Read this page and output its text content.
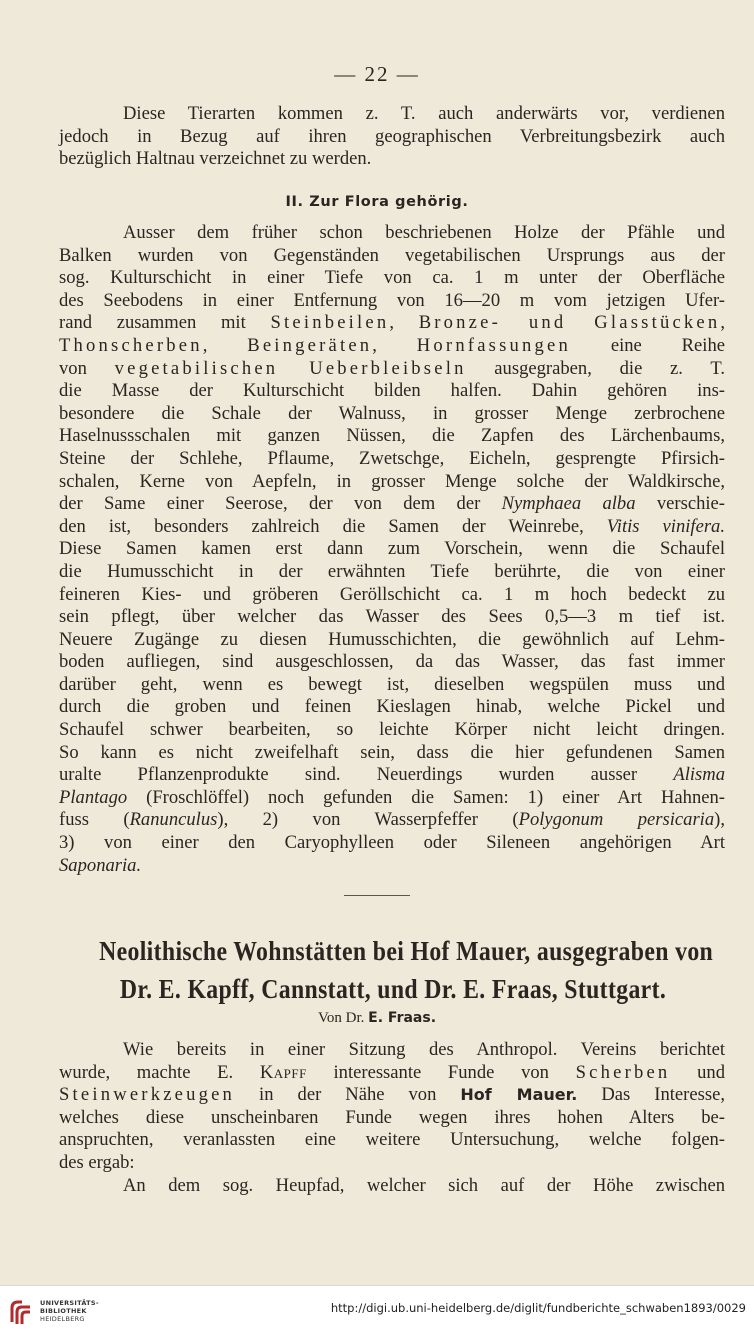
— 22 —
Diese Tierarten kommen z. T. auch anderwärts vor, verdienen
jedoch in Bezug auf ihren geographischen Verbreitungsbezirk auch
bezüglich Haltnau verzeichnet zu werden.
II. Zur Flora gehörig.
Ausser dem früher schon beschriebenen Holze der Pfähle und
Balken wurden von Gegenständen vegetabilischen Ursprungs aus der
sog. Kulturschicht in einer Tiefe von ca. 1 m unter der Oberfläche
des Seebodens in einer Entfernung von 16—20 m vom jetzigen Ufer-
rand zusammen mit Steinbeilen, Bronze- und Glasstücken,
Thonscherben, Beingeräten, Hornfassungen eine Reihe
von vegetabilischen Ueberbleibseln ausgegraben, die z. T.
die Masse der Kulturschicht bilden halfen. Dahin gehören ins-
besondere die Schale der Walnuss, in grosser Menge zerbrochene
Haselnussschalen mit ganzen Nüssen, die Zapfen des Lärchenbaums,
Steine der Schlehe, Pflaume, Zwetschge, Eicheln, gesprengte Pfirsich-
schalen, Kerne von Aepfeln, in grosser Menge solche der Waldkirsche,
der Same einer Seerose, der von dem der Nymphaea alba verschie-
den ist, besonders zahlreich die Samen der Weinrebe, Vitis vinifera.
Diese Samen kamen erst dann zum Vorschein, wenn die Schaufel
die Humusschicht in der erwähnten Tiefe berührte, die von einer
feineren Kies- und gröberen Geröllschicht ca. 1 m hoch bedeckt zu
sein pflegt, über welcher das Wasser des Sees 0,5—3 m tief ist.
Neuere Zugänge zu diesen Humusschichten, die gewöhnlich auf Lehm-
boden aufliegen, sind ausgeschlossen, da das Wasser, das fast immer
darüber geht, wenn es bewegt ist, dieselben wegspülen muss und
durch die groben und feinen Kieslagen hinab, welche Pickel und
Schaufel schwer bearbeiten, so leichte Körper nicht leicht dringen.
So kann es nicht zweifelhaft sein, dass die hier gefundenen Samen
uralte Pflanzenprodukte sind. Neuerdings wurden ausser Alisma
Plantago (Froschlöffel) noch gefunden die Samen: 1) einer Art Hahnen-
fuss (Ranunculus), 2) von Wasserpfeffer (Polygonum persicaria),
3) von einer den Caryophylleen oder Sileneen angehörigen Art
Saponaria.
Neolithische Wohnstätten bei Hof Mauer, ausgegraben von
Dr. E. Kapff, Cannstatt, und Dr. E. Fraas, Stuttgart.
Von Dr. E. Fraas.
Wie bereits in einer Sitzung des Anthropol. Vereins berichtet
wurde, machte E. Kapff interessante Funde von Scherben und
Steinwerkzeugen in der Nähe von Hof Mauer. Das Interesse,
welches diese unscheinbaren Funde wegen ihres hohen Alters be-
anspruchten, veranlassten eine weitere Untersuchung, welche folgen-
des ergab:
An dem sog. Heupfad, welcher sich auf der Höhe zwischen
UNIVERSITÄTS-
BIBLIOTHEK
HEIDELBERG
http://digi.ub.uni-heidelberg.de/diglit/fundberichte_schwaben1893/0029
